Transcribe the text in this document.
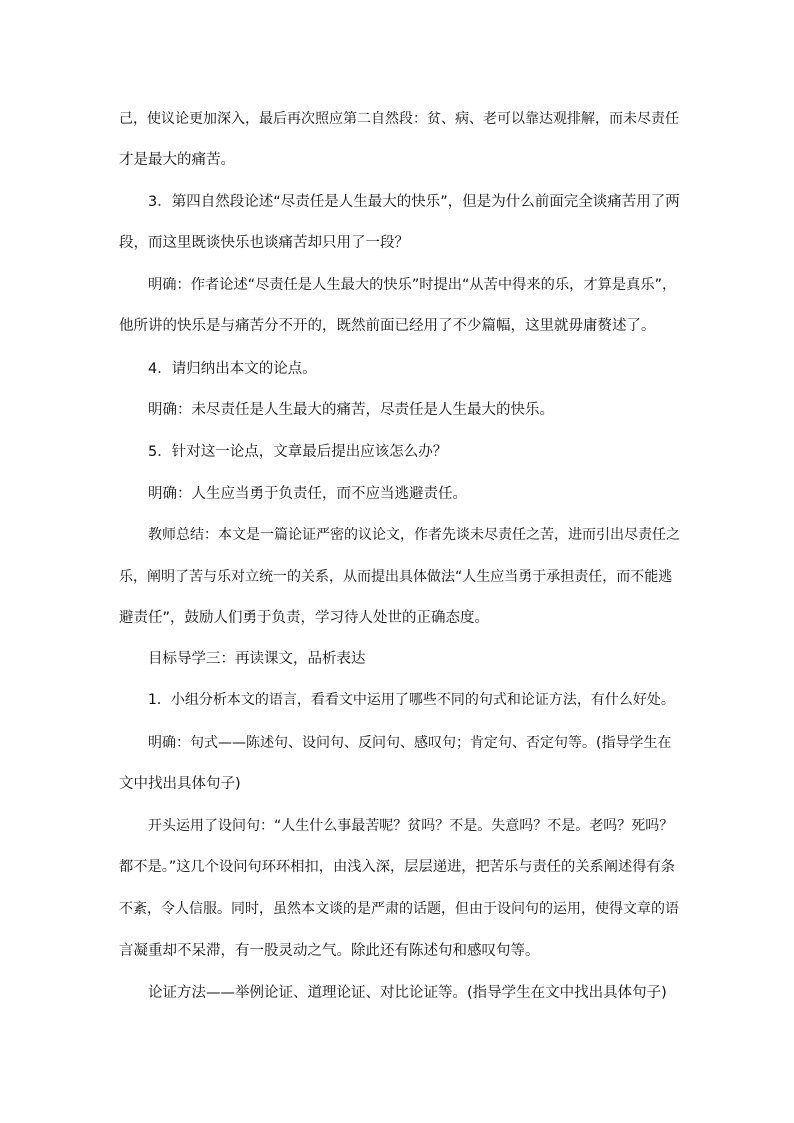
己，使议论更加深入，最后再次照应第二自然段：贫、病、老可以靠达观排解，而未尽责任
才是最大的痛苦。
3．第四自然段论述“尽责任是人生最大的快乐”，但是为什么前面完全谈痛苦用了两
段，而这里既谈快乐也谈痛苦却只用了一段？
明确：作者论述“尽责任是人生最大的快乐”时提出“从苦中得来的乐，才算是真乐”，
他所讲的快乐是与痛苦分不开的，既然前面已经用了不少篇幅，这里就毋庸赘述了。
4．请归纳出本文的论点。
明确：未尽责任是人生最大的痛苦，尽责任是人生最大的快乐。
5．针对这一论点，文章最后提出应该怎么办？
明确：人生应当勇于负责任，而不应当逃避责任。
教师总结：本文是一篇论证严密的议论文，作者先谈未尽责任之苦，进而引出尽责任之
乐，阐明了苦与乐对立统一的关系，从而提出具体做法“人生应当勇于承担责任，而不能逃
避责任”，鼓励人们勇于负责，学习待人处世的正确态度。
目标导学三：再读课文，品析表达
1．小组分析本文的语言，看看文中运用了哪些不同的句式和论证方法，有什么好处。
明确：句式——陈述句、设问句、反问句、感叹句；肯定句、否定句等。(指导学生在
文中找出具体句子)
开头运用了设问句：“人生什么事最苦呢？贫吗？不是。失意吗？不是。老吗？死吗？
都不是。”这几个设问句环环相扣，由浅入深，层层递进，把苦乐与责任的关系阐述得有条
不紊，令人信服。同时，虽然本文谈的是严肃的话题，但由于设问句的运用，使得文章的语
言凝重却不呆滞，有一股灵动之气。除此还有陈述句和感叹句等。
论证方法——举例论证、道理论证、对比论证等。(指导学生在文中找出具体句子)
